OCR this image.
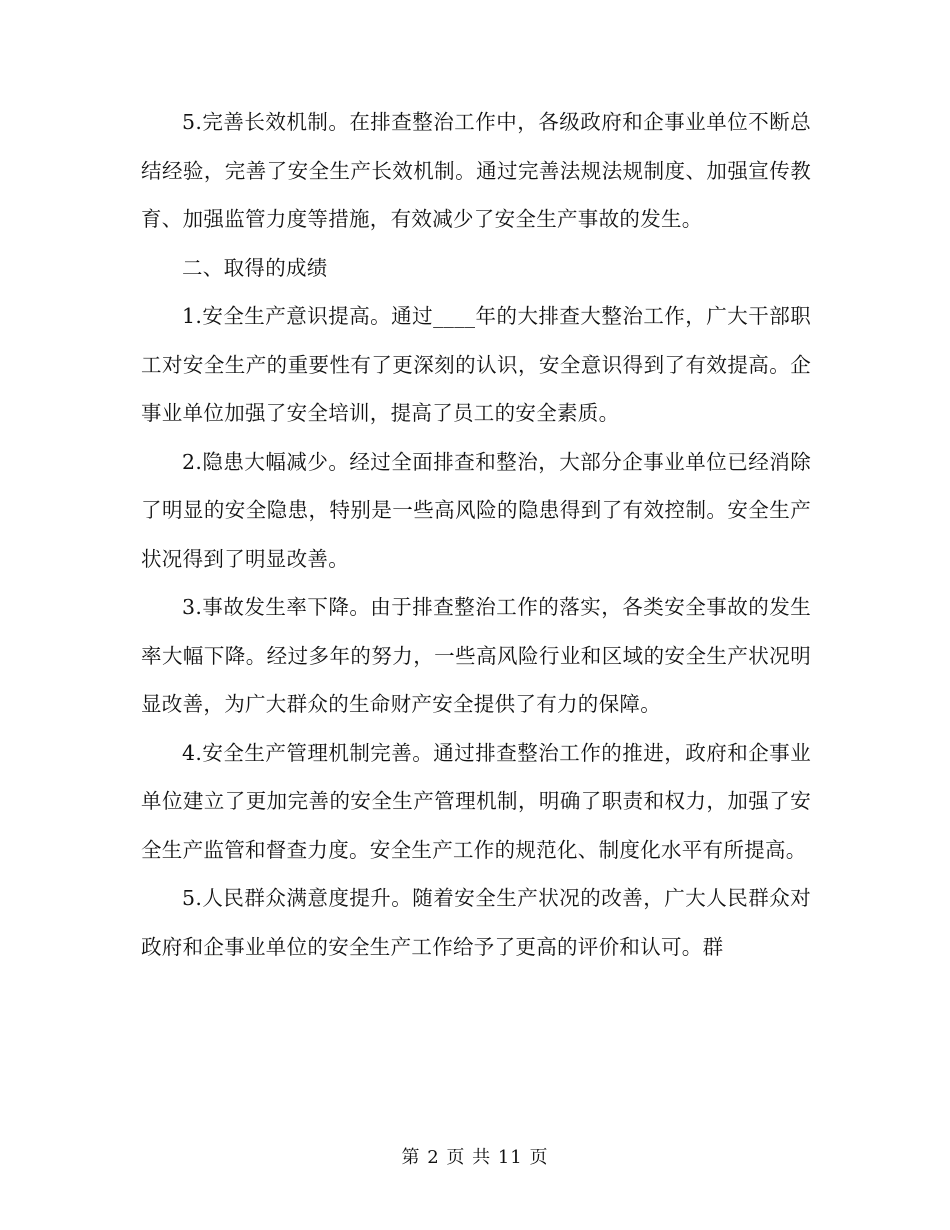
5.完善长效机制。在排查整治工作中，各级政府和企事业单位不断总结经验，完善了安全生产长效机制。通过完善法规法规制度、加强宣传教育、加强监管力度等措施，有效减少了安全生产事故的发生。

二、取得的成绩

1.安全生产意识提高。通过____年的大排查大整治工作，广大干部职工对安全生产的重要性有了更深刻的认识，安全意识得到了有效提高。企事业单位加强了安全培训，提高了员工的安全素质。

2.隐患大幅减少。经过全面排查和整治，大部分企事业单位已经消除了明显的安全隐患，特别是一些高风险的隐患得到了有效控制。安全生产状况得到了明显改善。

3.事故发生率下降。由于排查整治工作的落实，各类安全事故的发生率大幅下降。经过多年的努力，一些高风险行业和区域的安全生产状况明显改善，为广大群众的生命财产安全提供了有力的保障。

4.安全生产管理机制完善。通过排查整治工作的推进，政府和企事业单位建立了更加完善的安全生产管理机制，明确了职责和权力，加强了安全生产监管和督查力度。安全生产工作的规范化、制度化水平有所提高。

5.人民群众满意度提升。随着安全生产状况的改善，广大人民群众对政府和企事业单位的安全生产工作给予了更高的评价和认可。群

第 2 页 共 11 页
